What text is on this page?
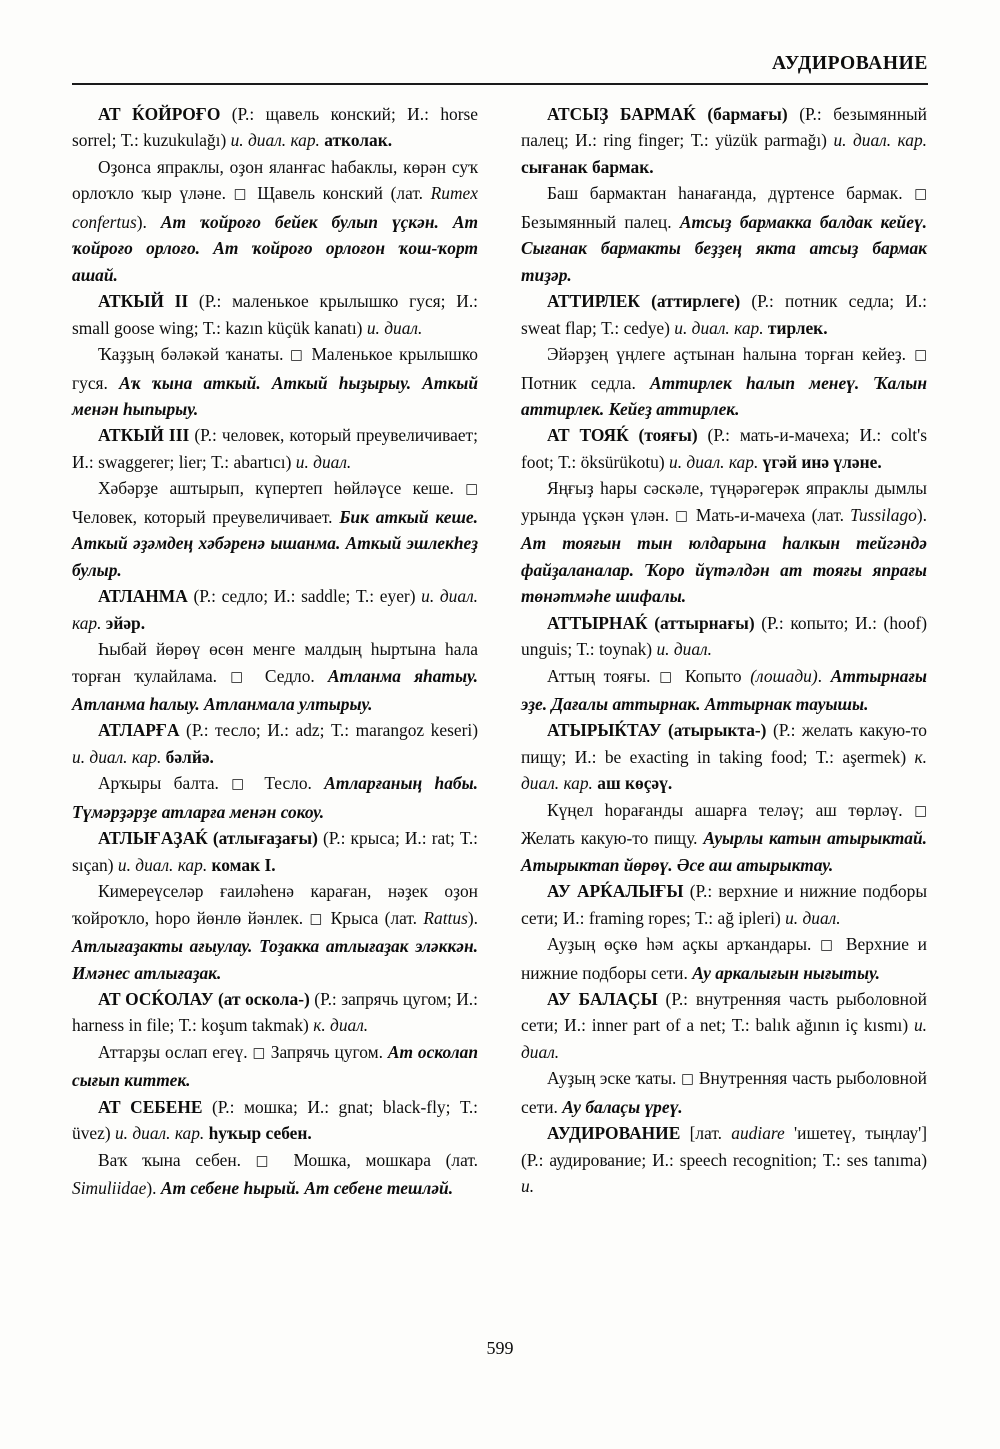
АУДИРОВАНИЕ

АТ ЌОЙРОҒО (Р.: щавель конский; И.: horse sorrel; Т.: kuzukulağı) и. диал. кар. атколак.

Оҙонса япраклы, оҙон яланғас һабаклы, көрән суҡ орлоҡло ҡыр үләне. □ Щавель конский (лат. Rumex confertus). Ат ҡойроғо бейек булып үçкән. Ат ҡойроғо орлоғо. Ат ҡойроғо орлоғон ҡош-ҡорт ашай.

АТКЫЙ II (Р.: маленькое крылышко гуся; И.: small goose wing; Т.: kazın küçük kanatı) и. диал.

Ҡаҙҙың бәләкәй ҡанаты. □ Маленькое крылышко гуся. Аҡ ҡына аткый. Аткый hыҙырыу. Аткый менән hыпырыу.

АТКЫЙ III (Р.: человек, который преувеличивает; И.: swaggerer; lier; Т.: abartıcı) и. диал.

Хәбәрҙе аштырып, күпертеп һөйләүсе кеше. □ Человек, который преувеличивает. Бик аткый кеше. Аткый әҙәмдең хәбәренә ышанма. Аткый эшлекһеҙ булыр.

АТЛАНМА (Р.: седло; И.: saddle; Т.: eyer) и. диал. кар. эйәр.

Һыбай йөрөү өсөн менге малдың һыртына һала торған ҡулайлама. □ Седло. Атланма яhатыу. Атланма hалыу. Атланмала ултырыу.

АТЛАРҒА (Р.: тесло; И.: adz; Т.: marangoz keseri) и. диал. кар. бәлйә.

Арҡыры балта. □ Тесло. Атларғаның hабы. Түмәрҙәрҙе атларға менән сокоу.

АТЛЫҒАҘАЌ (атлығаҙағы) (Р.: крыса; И.: rat; Т.: sıçan) и. диал. кар. комак I.

Кимереүселәр ғаиләһенә караған, нәҙек оҙон ҡойроҡло, hopo йөнлө йәнлек. □ Крыса (лат. Rattus). Атлығаҙакты ағыулау. Тоҙакка атлығаҙак эләккән. Имәнес атлығаҙак.

АТ ОСЌОЛАУ (ат оскола-) (Р.: запрячь цугом; И.: harness in file; Т.: koşum takmak) к. диал.

Аттарҙы ослап егеү. □ Запрячь цугом. Ат осколап сығып киттек.

АТ СЕБЕНЕ (Р.: мошка; И.: gnat; black-fly; Т.: üvez) и. диал. кар. hуҡыр себен.

Ваҡ ҡына себен. □ Мошка, мошкара (лат. Simuliidae). Ат себене hырый. Ат себене тешләй.

АТСЫҘ БАРМАЌ (бармағы) (Р.: безымянный палец; И.: ring finger; Т.: yüzük parmağı) и. диал. кар. сығанак бармак.

Баш бармактан һанағанда, дүртенсе бармак. □ Безымянный палец. Атсыҙ бармакка балдак кейеү. Сығанак бармакты беҙҙең якта атсыҙ бармак тиҙәр.

АТТИРЛЕК (аттирлеге) (Р.: потник седла; И.: sweat flap; Т.: cedye) и. диал. кар. тирлек.

Эйәрҙең үңлеге аçтынан һалына торған кейеҙ. □ Потник седла. Аттирлек hалып менеү. Ҡалын аттирлек. Кейеҙ аттирлек.

АТ ТОЯЌ (тояғы) (Р.: мать-и-мачеха; И.: colt's foot; Т.: öksürükotu) и. диал. кар. үгәй инә үләне.

Яңғыҙ һары сәскәле, түңәрәгерәк япраклы дымлы урында үçкән үлән. □ Мать-и-мачеха (лат. Tussilago). Ат тояғын тын юлдарына hалкын тейгәндә файҙаланалар. Ҡоро йүтәлдән ат тояғы япрағы төнәтмәhе шифалы.

АТТЫРНАЌ (аттырнағы) (Р.: копыто; И.: (hoof) unguis; Т.: toynak) и. диал.

Аттың тояғы. □ Копыто (лошади). Аттырнағы эҙе. Дағалы аттырнак. Аттырнак тауышы.

АТЫРЫЌТАУ (атырыкта-) (Р.: желать какую-то пищу; И.: be exacting in taking food; Т.: aşermek) к. диал. кар. аш көçәү.

Күңел һорағанды ашарға теләү; аш төрләү. □ Желать какую-то пищу. Ауырлы катын атырыктай. Атырыктап йөрөү. Әсе аш атырыктау.

АУ АРЌАЛЫҒЫ (Р.: верхние и нижние подборы сети; И.: framing ropes; Т.: ağ ipleri) и. диал.

Ауҙың өçкө һәм аçкы арҡандары. □ Верхние и нижние подборы сети. Ау аркалығын нығытыу.

АУ БАЛАÇЫ (Р.: внутренняя часть рыболовной сети; И.: inner part of a net; Т.: balık ağının iç kısmı) и. диал.

Ауҙың эске ҡаты. □ Внутренняя часть рыболовной сети. Ау балаçы үреү.

АУДИРОВАНИЕ [лат. audiare 'ишетеү, тыңлау'] (Р.: аудирование; И.: speech recognition; Т.: ses tanıma) и.

599
